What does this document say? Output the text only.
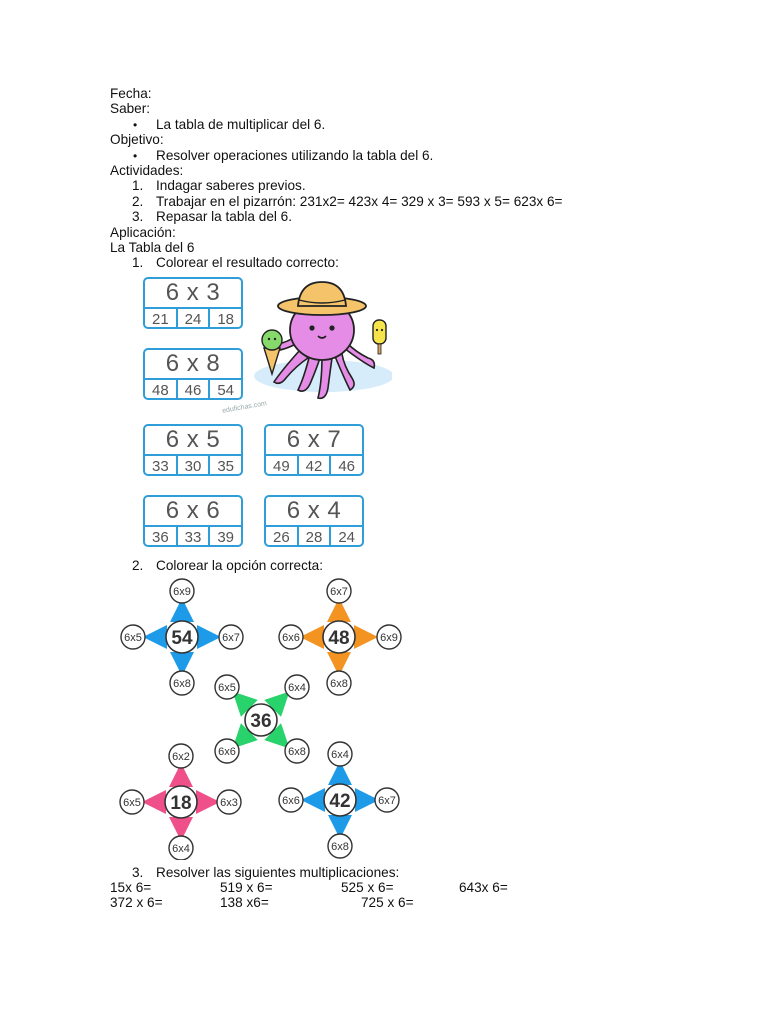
Fecha:
Saber:
• La tabla de multiplicar del 6.
Objetivo:
• Resolver operaciones utilizando la tabla del 6.
Actividades:
1. Indagar saberes previos.
2. Trabajar en el pizarrón: 231x2= 423x 4= 329 x 3= 593 x 5= 623x 6=
3. Repasar la tabla del 6.
Aplicación:
La Tabla del 6
1. Colorear el resultado correcto:
6 x 3
21	24	18
6 x 8
48	46	54
6 x 5
33	30	35
6 x 7
49	42	46
6 x 6
36	33	39
6 x 4
26	28	24
edufichas.com
2. Colorear la opción correcta:
54
6x9
6x7
6x8
6x5	48
6x7
6x9
6x8
6x6
36
6x5	6x4
6x6	6x8
18
6x2
6x3
6x4
6x5	42
6x4
6x7
6x8
6x6
3. Resolver las siguientes multiplicaciones:
15x 6=	519 x 6=	525 x 6=	643x 6=
372 x 6=	138 x6=	725 x 6=
